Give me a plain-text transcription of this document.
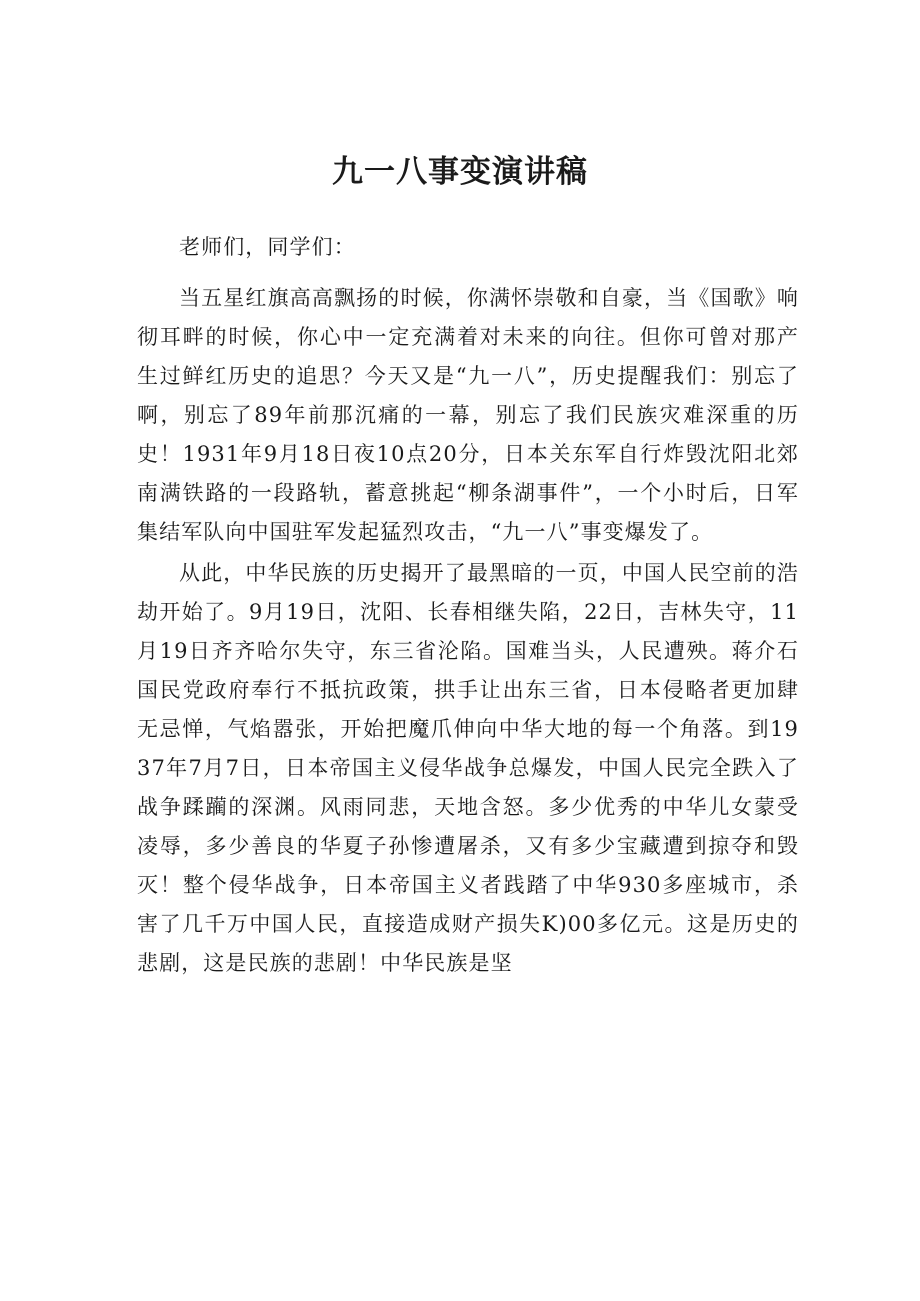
九一八事变演讲稿

老师们，同学们：

当五星红旗高高飘扬的时候，你满怀崇敬和自豪，当《国歌》响彻耳畔的时候，你心中一定充满着对未来的向往。但你可曾对那产生过鲜红历史的追思？今天又是“九一八”，历史提醒我们：别忘了啊，别忘了89年前那沉痛的一幕，别忘了我们民族灾难深重的历史！1931年9月18日夜10点20分，日本关东军自行炸毁沈阳北郊南满铁路的一段路轨，蓄意挑起“柳条湖事件”，一个小时后，日军集结军队向中国驻军发起猛烈攻击，“九一八”事变爆发了。

从此，中华民族的历史揭开了最黑暗的一页，中国人民空前的浩劫开始了。9月19日，沈阳、长春相继失陷，22日，吉林失守，11月19日齐齐哈尔失守，东三省沦陷。国难当头，人民遭殃。蒋介石国民党政府奉行不抵抗政策，拱手让出东三省，日本侵略者更加肆无忌惮，气焰嚣张，开始把魔爪伸向中华大地的每一个角落。到1937年7月7日，日本帝国主义侵华战争总爆发，中国人民完全跌入了战争蹂躏的深渊。风雨同悲，天地含怒。多少优秀的中华儿女蒙受凌辱，多少善良的华夏子孙惨遭屠杀，又有多少宝藏遭到掠夺和毁灭！整个侵华战争，日本帝国主义者践踏了中华930多座城市，杀害了几千万中国人民，直接造成财产损失K)00多亿元。这是历史的悲剧，这是民族的悲剧！中华民族是坚
